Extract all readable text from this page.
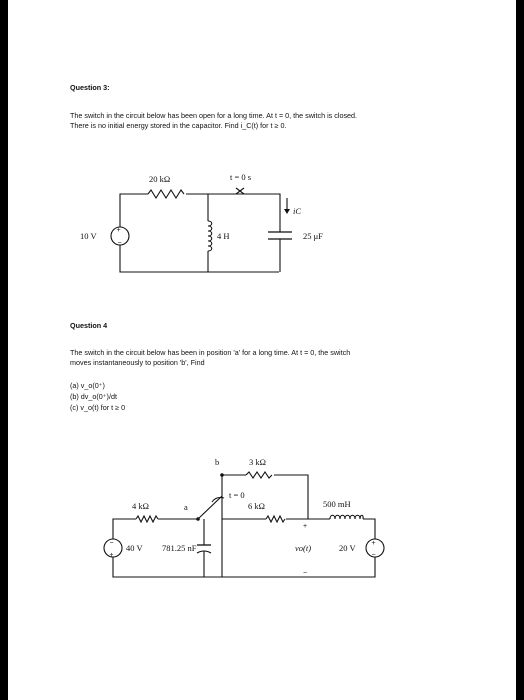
Question 3:
The switch in the circuit below has been open for a long time. At t = 0, the switch is closed.
There is no initial energy stored in the capacitor. Find i_C(t) for t ≥ 0.
+
−
10 V
20 kΩ	t = 0 s
4 H	25 μF
iC
Question 4
The switch in the circuit below has been in position 'a' for a long time. At t = 0, the switch
moves instantaneously to position 'b', Find
(a) v_o(0⁺)
(b) dv_o(0⁺)/dt
(c) v_o(t) for t ≥ 0
−
+
40 V
4 kΩ	a
781.25 nF
b
t = 0
3 kΩ
6 kΩ	500 mH
+
vo(t)
−
+
−
20 V
